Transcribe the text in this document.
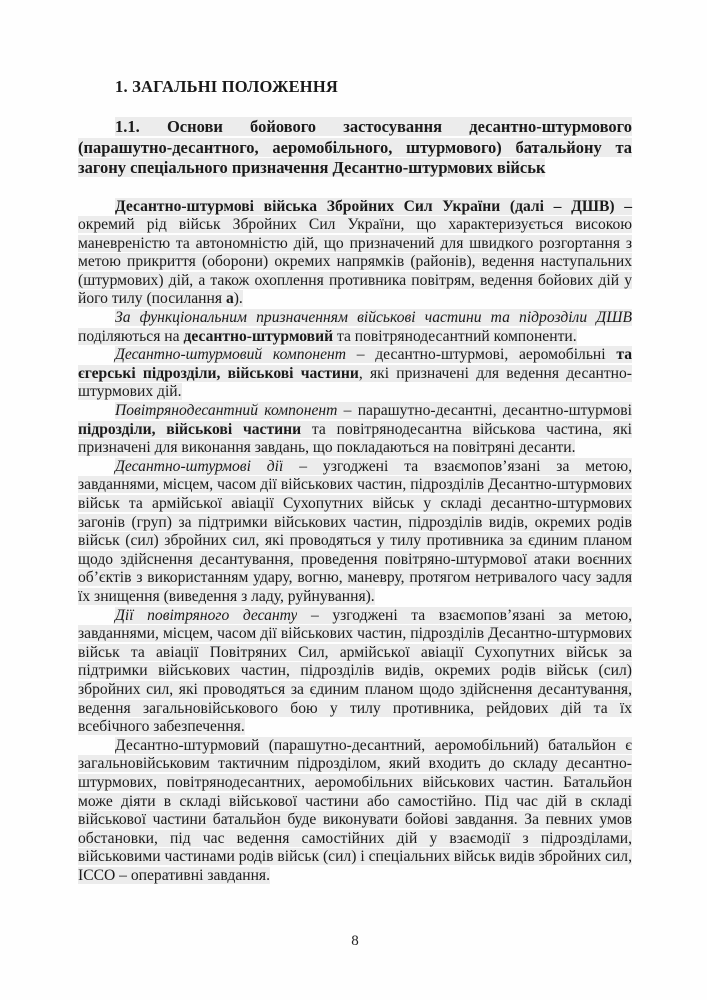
1. ЗАГАЛЬНІ ПОЛОЖЕННЯ
1.1. Основи бойового застосування десантно-штурмового (парашутно-десантного, аеромобільного, штурмового) батальйону та загону спеціального призначення Десантно-штурмових військ

Десантно-штурмові війська Збройних Сил України (далі – ДШВ) – окремий рід військ Збройних Сил України, що характеризується високою маневреністю та автономністю дій, що призначений для швидкого розгортання з метою прикриття (оборони) окремих напрямків (районів), ведення наступальних (штурмових) дій, а також охоплення противника повітрям, ведення бойових дій у його тилу (посилання а).

За функціональним призначенням військові частини та підрозділи ДШВ поділяються на десантно-штурмовий та повітрянодесантний компоненти.

Десантно-штурмовий компонент – десантно-штурмові, аеромобільні та єгерські підрозділи, військові частини, які призначені для ведення десантно-штурмових дій.

Повітрянодесантний компонент – парашутно-десантні, десантно-штурмові підрозділи, військові частини та повітрянодесантна військова частина, які призначені для виконання завдань, що покладаються на повітряні десанти.

Десантно-штурмові дії – узгоджені та взаємопов’язані за метою, завданнями, місцем, часом дії військових частин, підрозділів Десантно-штурмових військ та армійської авіації Сухопутних військ у складі десантно-штурмових загонів (груп) за підтримки військових частин, підрозділів видів, окремих родів військ (сил) збройних сил, які проводяться у тилу противника за єдиним планом щодо здійснення десантування, проведення повітряно-штурмової атаки воєнних об’єктів з використанням удару, вогню, маневру, протягом нетривалого часу задля їх знищення (виведення з ладу, руйнування).

Дії повітряного десанту – узгоджені та взаємопов’язані за метою, завданнями, місцем, часом дії військових частин, підрозділів Десантно-штурмових військ та авіації Повітряних Сил, армійської авіації Сухопутних військ за підтримки військових частин, підрозділів видів, окремих родів військ (сил) збройних сил, які проводяться за єдиним планом щодо здійснення десантування, ведення загальновійськового бою у тилу противника, рейдових дій та їх всебічного забезпечення.

Десантно-штурмовий (парашутно-десантний, аеромобільний) батальйон є загальновійськовим тактичним підрозділом, який входить до складу десантно-штурмових, повітрянодесантних, аеромобільних військових частин. Батальйон може діяти в складі військової частини або самостійно. Під час дій в складі військової частини батальйон буде виконувати бойові завдання. За певних умов обстановки, під час ведення самостійних дій у взаємодії з підрозділами, військовими частинами родів військ (сил) і спеціальних військ видів збройних сил, ІССО – оперативні завдання.

8
